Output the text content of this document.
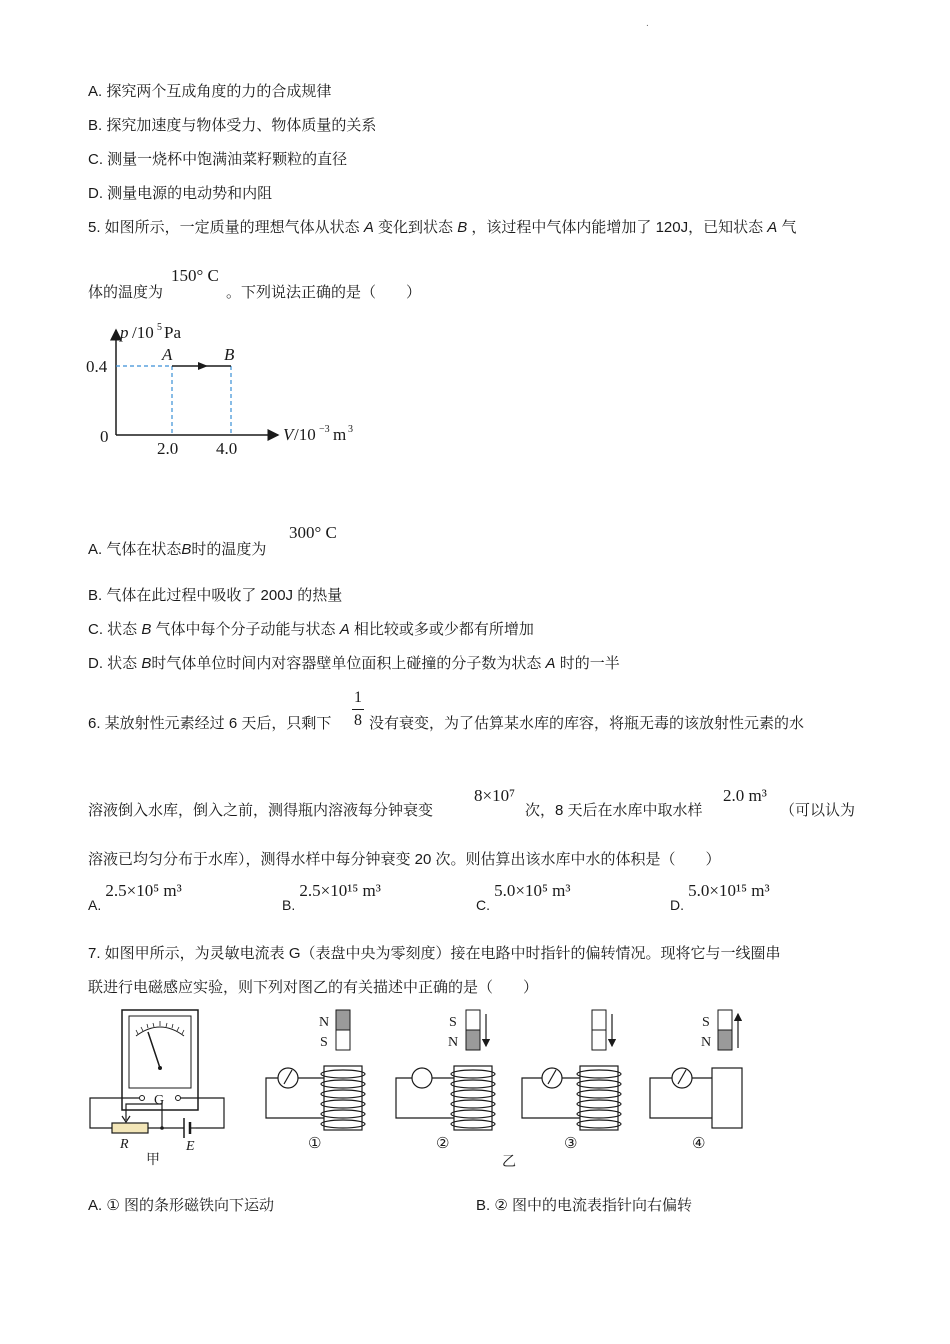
.
A. 探究两个互成角度的力的合成规律
B. 探究加速度与物体受力、物体质量的关系
C. 测量一烧杯中饱满油菜籽颗粒的直径
D. 测量电源的电动势和内阻
5. 如图所示，一定质量的理想气体从状态 A 变化到状态 B ，该过程中气体内能增加了 120J，已知状态 A 气
体的温度为
150° C
。下列说法正确的是（　　）
p /10 5 Pa
A	B
0.4
0
2.0 4.0
V /10 −3 m 3
A. 气体在状态B时的温度为
300° C
B. 气体在此过程中吸收了 200J 的热量
C. 状态 B 气体中每个分子动能与状态 A 相比较或多或少都有所增加
D. 状态 B时气体单位时间内对容器壁单位面积上碰撞的分子数为状态 A 时的一半
6. 某放射性元素经过 6 天后，只剩下
1
8 没有衰变，为了估算某水库的库容，将瓶无毒的该放射性元素的水
溶液倒入水库，倒入之前，测得瓶内溶液每分钟衰变
8×10⁷
次，8 天后在水库中取水样
2.0 m³
（可以认为
溶液已均匀分布于水库），测得水样中每分钟衰变 20 次。则估算出该水库中水的体积是（　　）
A. 2.5×10⁵ m³
B. 2.5×10¹⁵ m³
C. 5.0×10⁵ m³
D. 5.0×10¹⁵ m³
7. 如图甲所示，为灵敏电流表 G（表盘中央为零刻度）接在电路中时指针的偏转情况。现将它与一线圈串
联进行电磁感应实验，则下列对图乙的有关描述中正确的是（　　）
G
R	E
甲
N
S
①
S
N
②	③
S
N
④
乙
A. ① 图的条形磁铁向下运动	B. ② 图中的电流表指针向右偏转
